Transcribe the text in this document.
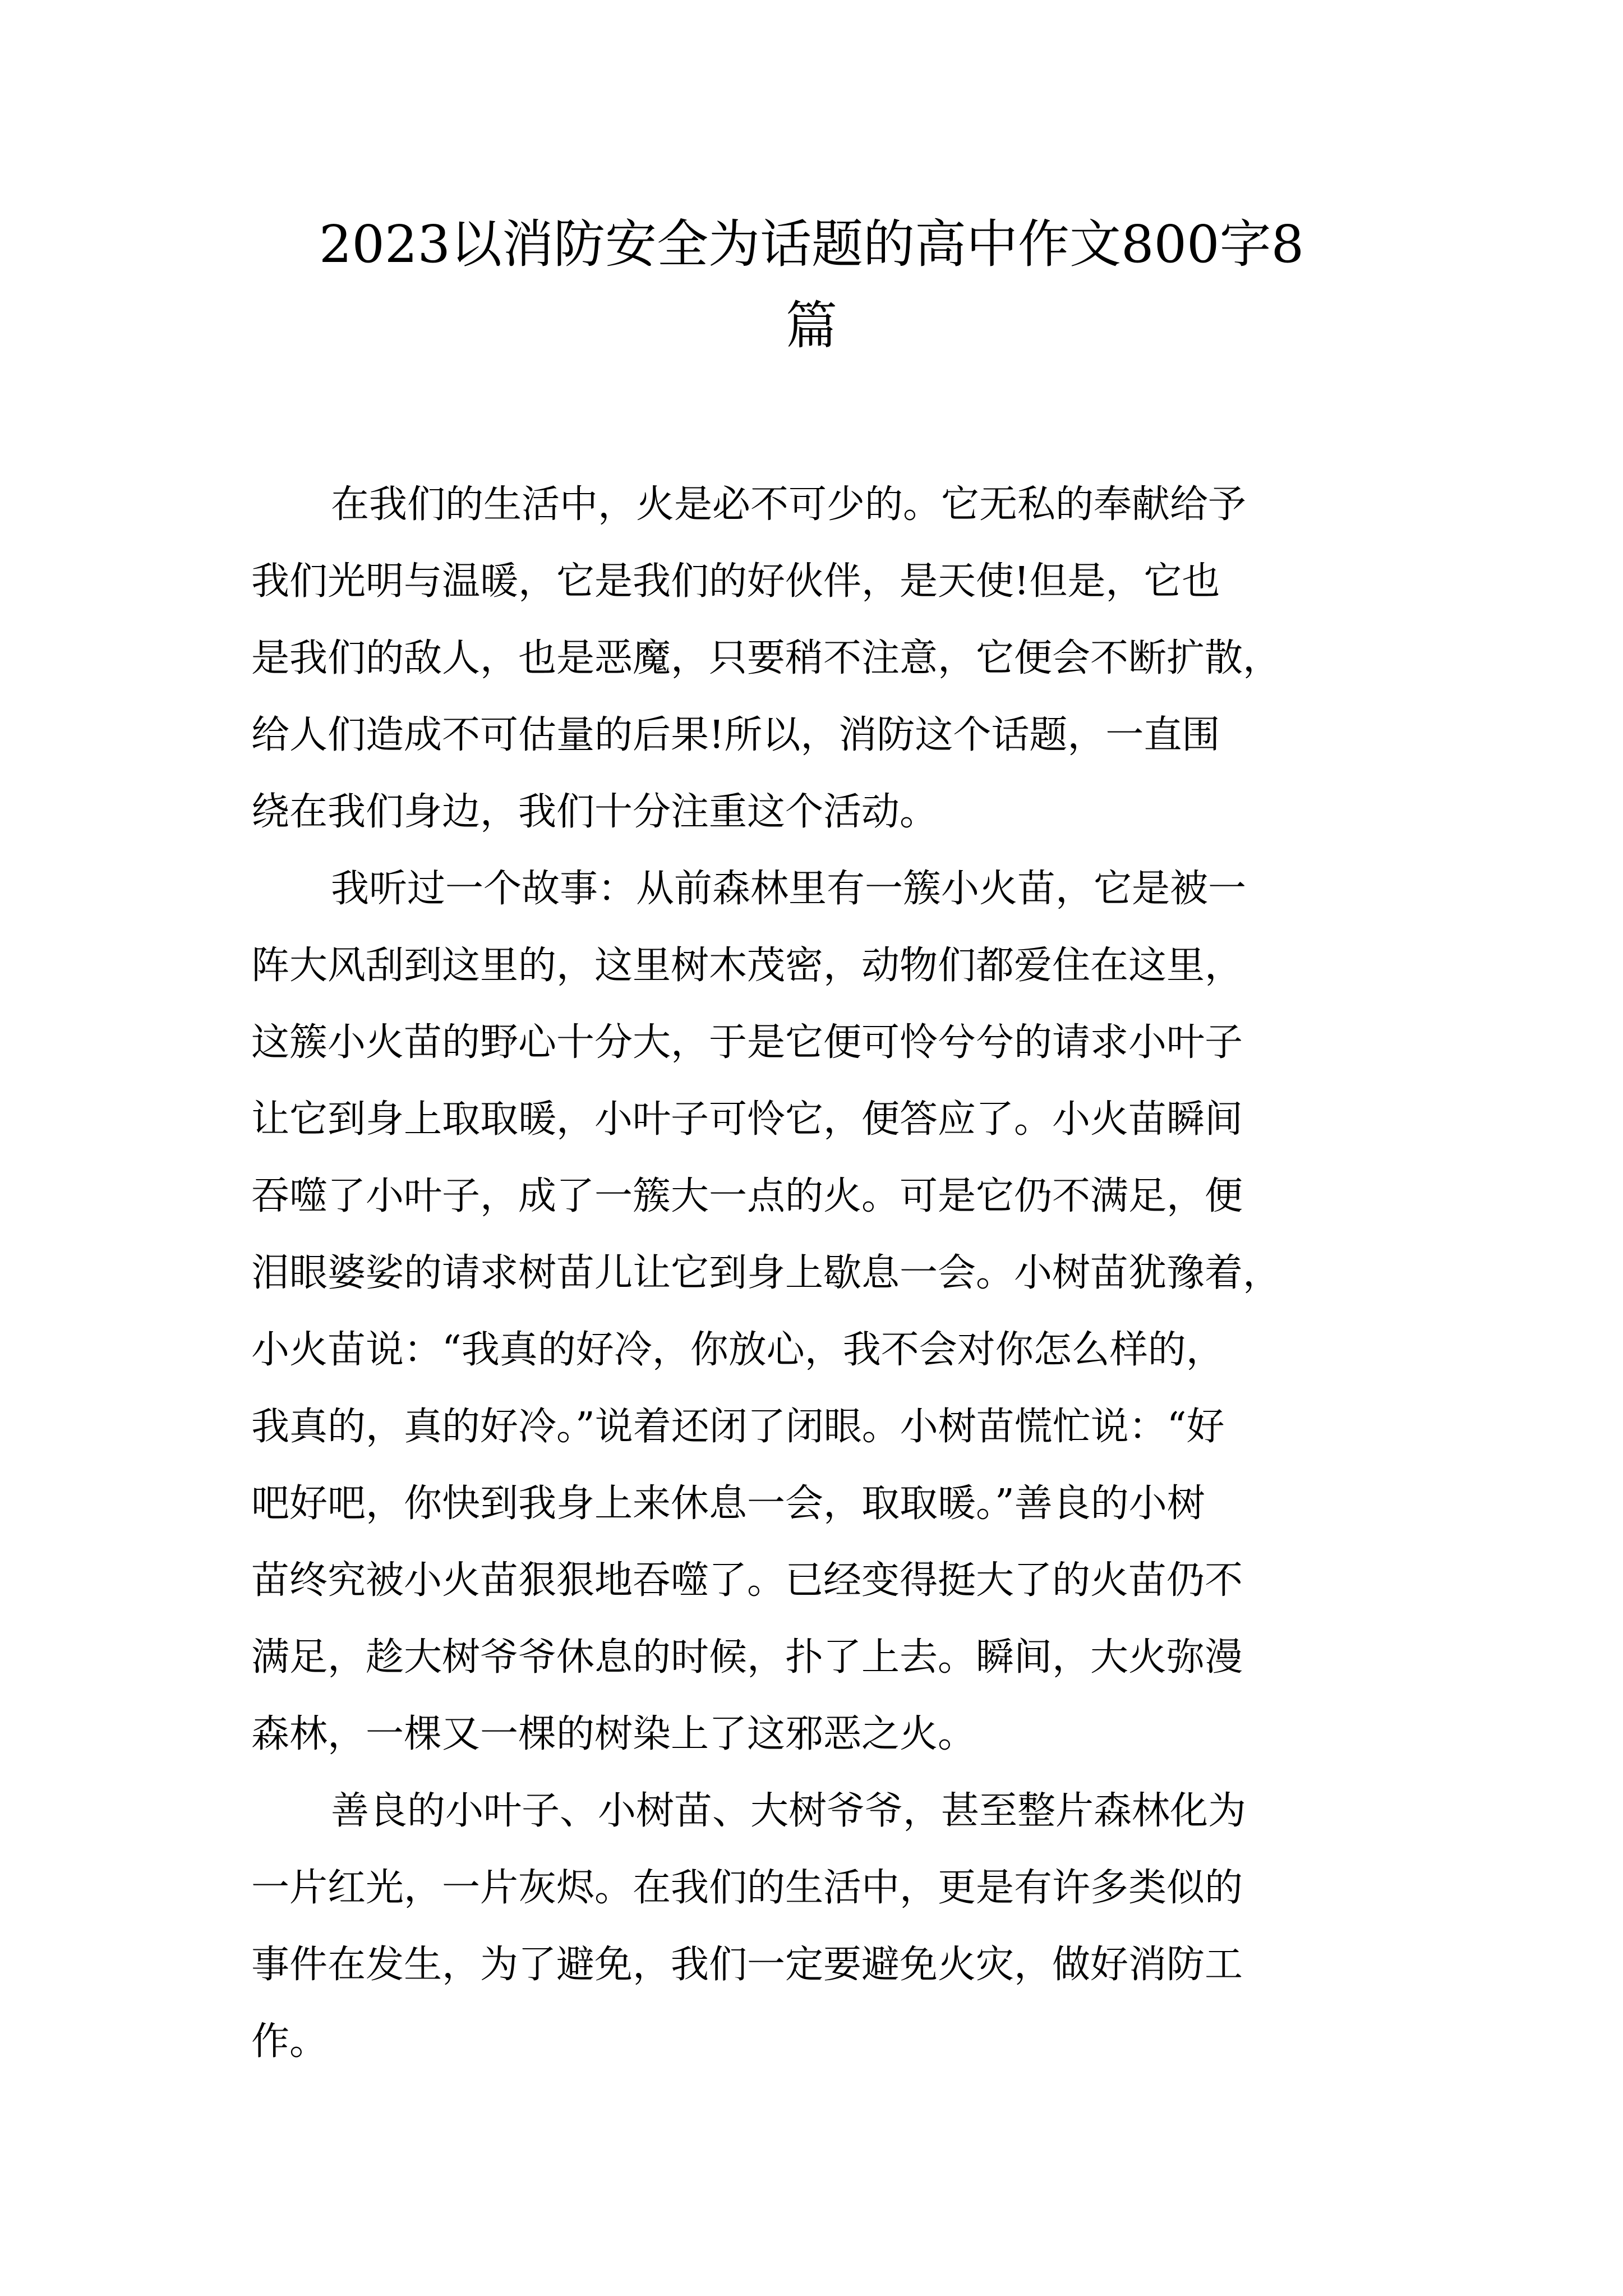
2023以消防安全为话题的高中作文800字8
篇
在我们的生活中，火是必不可少的。它无私的奉献给予
我们光明与温暖，它是我们的好伙伴，是天使!但是，它也
是我们的敌人，也是恶魔，只要稍不注意，它便会不断扩散，
给人们造成不可估量的后果!所以，消防这个话题，一直围
绕在我们身边，我们十分注重这个活动。
我听过一个故事：从前森林里有一簇小火苗，它是被一
阵大风刮到这里的，这里树木茂密，动物们都爱住在这里，
这簇小火苗的野心十分大，于是它便可怜兮兮的请求小叶子
让它到身上取取暖，小叶子可怜它，便答应了。小火苗瞬间
吞噬了小叶子，成了一簇大一点的火。可是它仍不满足，便
泪眼婆娑的请求树苗儿让它到身上歇息一会。小树苗犹豫着，
小火苗说：“我真的好冷，你放心，我不会对你怎么样的，
我真的，真的好冷。”说着还闭了闭眼。小树苗慌忙说：“好
吧好吧，你快到我身上来休息一会，取取暖。”善良的小树
苗终究被小火苗狠狠地吞噬了。已经变得挺大了的火苗仍不
满足，趁大树爷爷休息的时候，扑了上去。瞬间，大火弥漫
森林，一棵又一棵的树染上了这邪恶之火。
善良的小叶子、小树苗、大树爷爷，甚至整片森林化为
一片红光，一片灰烬。在我们的生活中，更是有许多类似的
事件在发生，为了避免，我们一定要避免火灾，做好消防工
作。
